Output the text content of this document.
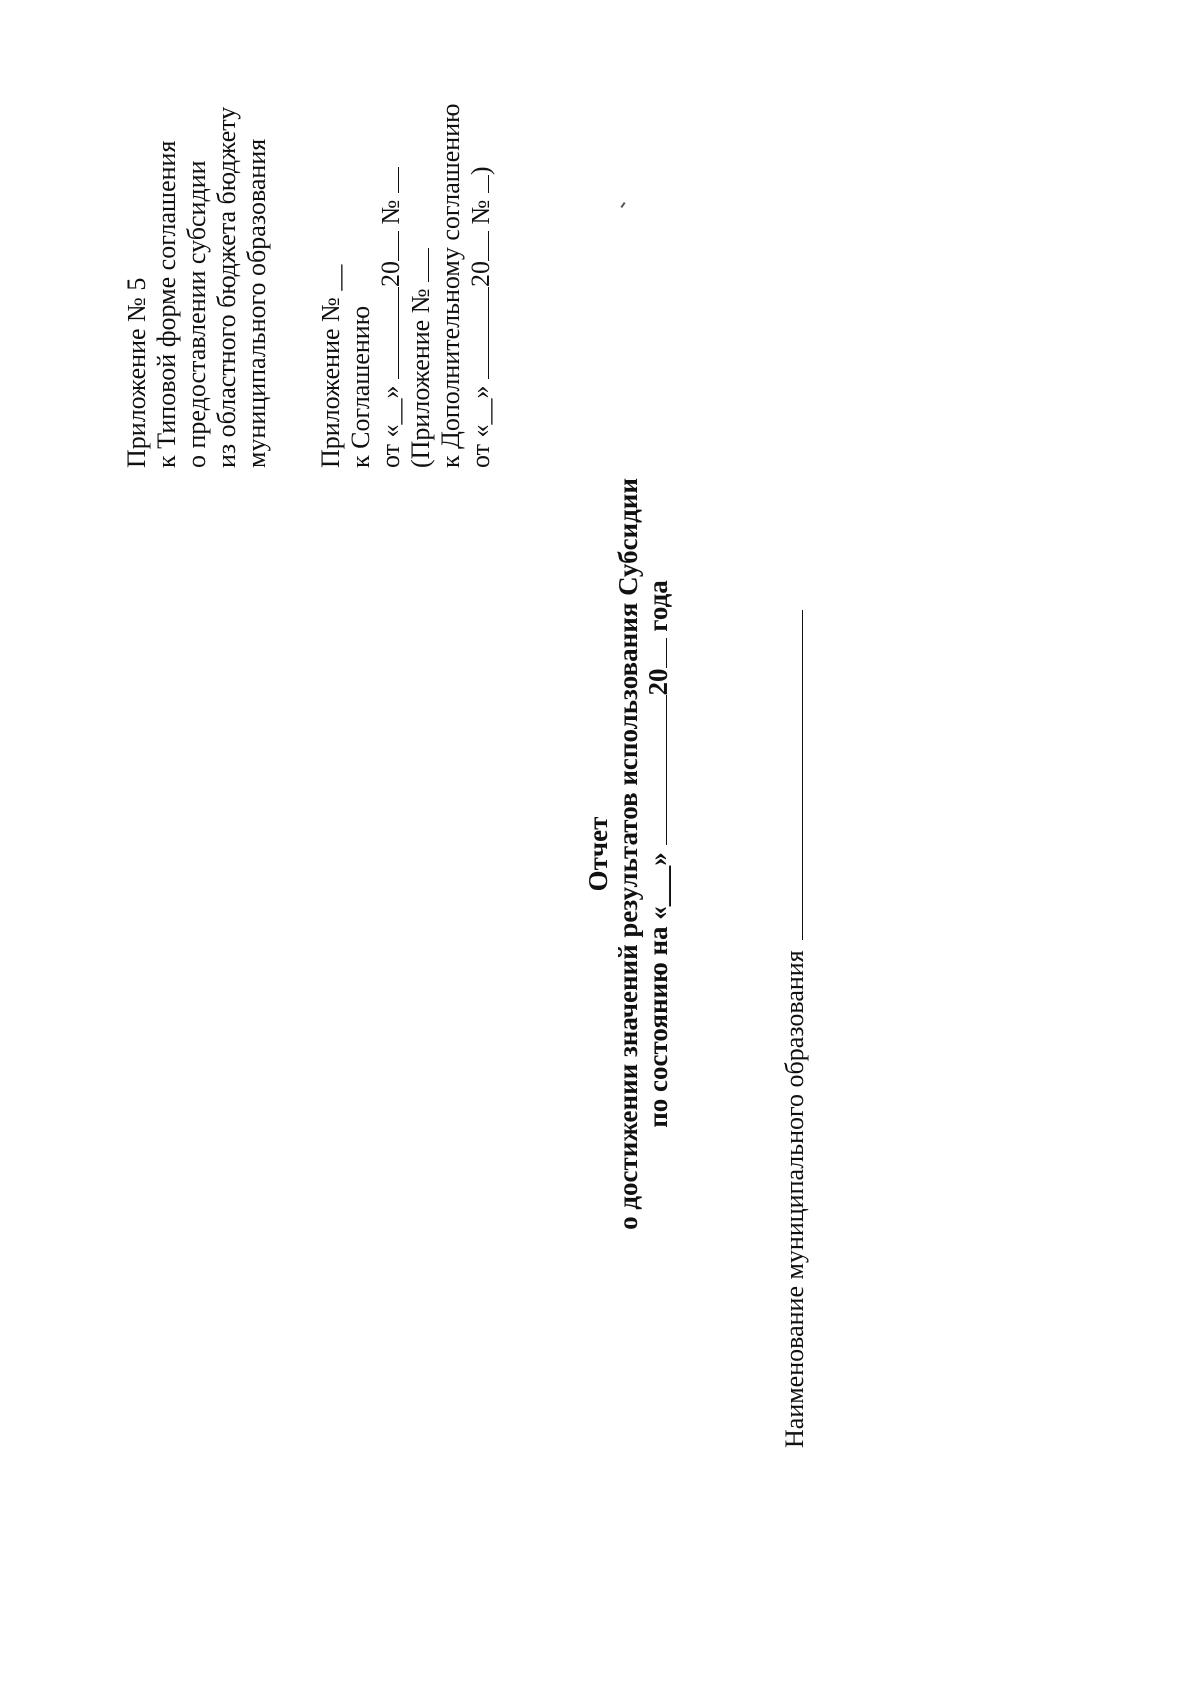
Приложение № 5 к Типовой форме соглашения о предоставлении субсидии из областного бюджета бюджету муниципального образования Приложение № __ к Соглашению от «__» 20 №
(Приложение № к Дополнительному соглашению от «__» 20 № )
Отчет о достижении значений результатов использования Субсидии по состоянию на «___» 20 года
Наименование муниципального образования
